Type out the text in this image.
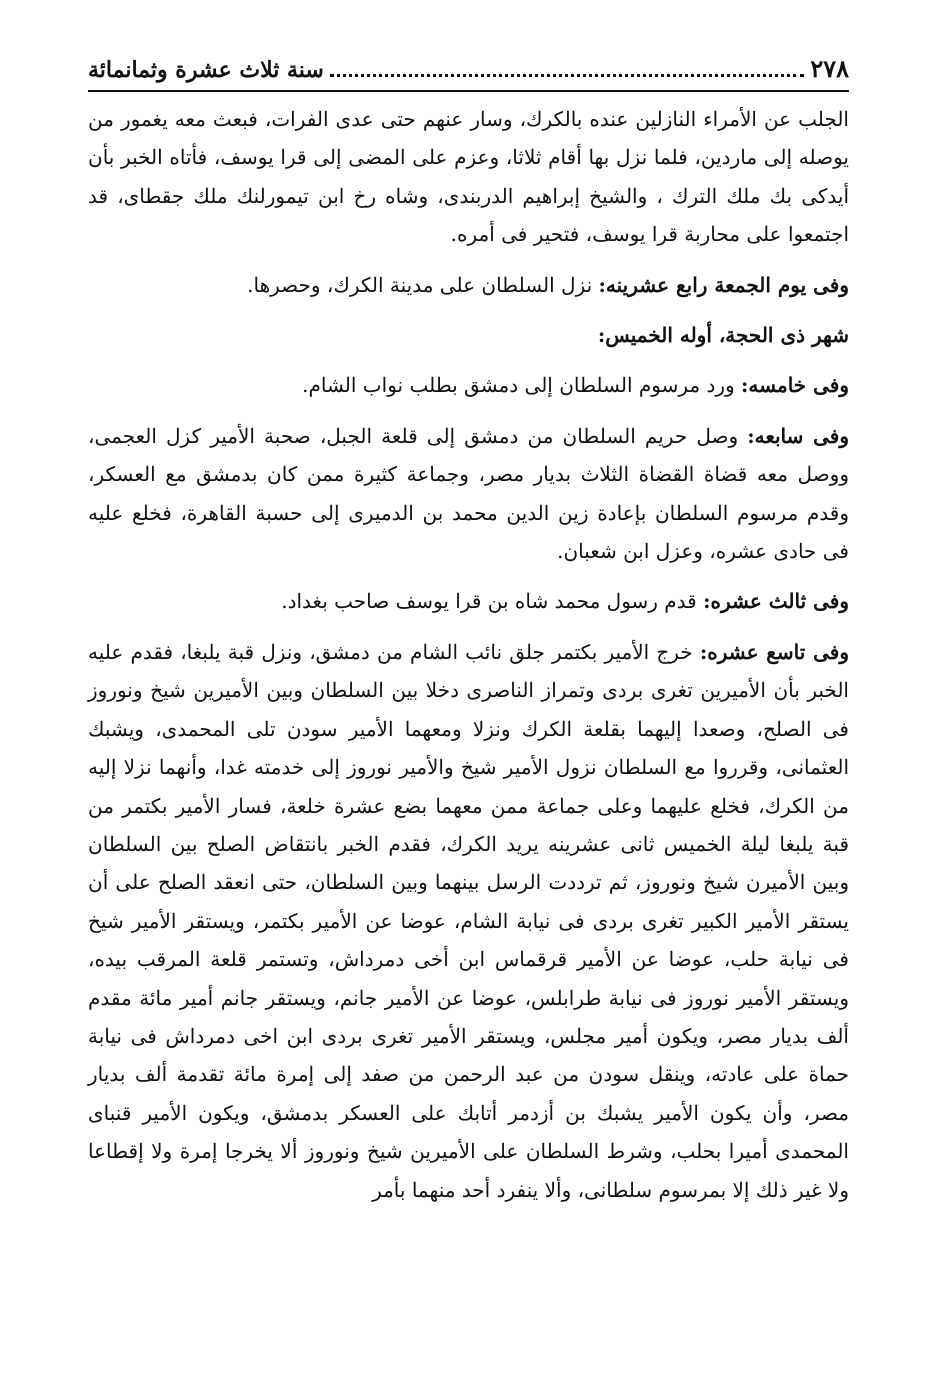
٢٧٨
سنة ثلاث عشرة وثمانمائة

الجلب عن الأمراء النازلين عنده بالكرك، وسار عنهم حتى عدى الفرات، فبعث معه يغمور من يوصله إلى ماردين، فلما نزل بها أقام ثلاثا، وعزم على المضى إلى قرا يوسف، فأتاه الخبر بأن أيدكى بك ملك الترك ، والشيخ إبراهيم الدربندى، وشاه رخ ابن تيمورلنك ملك جقطاى، قد اجتمعوا على محاربة قرا يوسف، فتحير فى أمره.

وفى يوم الجمعة رابع عشرينه: نزل السلطان على مدينة الكرك، وحصرها.

شهر ذى الحجة، أوله الخميس:

وفى خامسه: ورد مرسوم السلطان إلى دمشق بطلب نواب الشام.

وفى سابعه: وصل حريم السلطان من دمشق إلى قلعة الجبل، صحبة الأمير كزل العجمى، ووصل معه قضاة القضاة الثلاث بديار مصر، وجماعة كثيرة ممن كان بدمشق مع العسكر، وقدم مرسوم السلطان بإعادة زين الدين محمد بن الدميرى إلى حسبة القاهرة، فخلع عليه فى حادى عشره، وعزل ابن شعبان.

وفى ثالث عشره: قدم رسول محمد شاه بن قرا يوسف صاحب بغداد.

وفى تاسع عشره: خرج الأمير بكتمر جلق نائب الشام من دمشق، ونزل قبة يلبغا، فقدم عليه الخبر بأن الأميرين تغرى بردى وتمراز الناصرى دخلا بين السلطان وبين الأميرين شيخ ونوروز فى الصلح، وصعدا إليهما بقلعة الكرك ونزلا ومعهما الأمير سودن تلى المحمدى، ويشبك العثمانى، وقرروا مع السلطان نزول الأمير شيخ والأمير نوروز إلى خدمته غدا، وأنهما نزلا إليه من الكرك، فخلع عليهما وعلى جماعة ممن معهما بضع عشرة خلعة، فسار الأمير بكتمر من قبة يلبغا ليلة الخميس ثانى عشرينه يريد الكرك، فقدم الخبر بانتقاض الصلح بين السلطان وبين الأميرن شيخ ونوروز، ثم ترددت الرسل بينهما وبين السلطان، حتى انعقد الصلح على أن يستقر الأمير الكبير تغرى بردى فى نيابة الشام، عوضا عن الأمير بكتمر، ويستقر الأمير شيخ فى نيابة حلب، عوضا عن الأمير قرقماس ابن أخى دمرداش، وتستمر قلعة المرقب بيده، ويستقر الأمير نوروز فى نيابة طرابلس، عوضا عن الأمير جانم، ويستقر جانم أمير مائة مقدم ألف بديار مصر، ويكون أمير مجلس، ويستقر الأمير تغرى بردى ابن اخى دمرداش فى نيابة حماة على عادته، وينقل سودن من عبد الرحمن من صفد إلى إمرة مائة تقدمة ألف بديار مصر، وأن يكون الأمير يشبك بن أزدمر أتابك على العسكر بدمشق، ويكون الأمير قنباى المحمدى أميرا بحلب، وشرط السلطان على الأميرين شيخ ونوروز ألا يخرجا إمرة ولا إقطاعا ولا غير ذلك إلا بمرسوم سلطانى، وألا ينفرد أحد منهما بأمر
